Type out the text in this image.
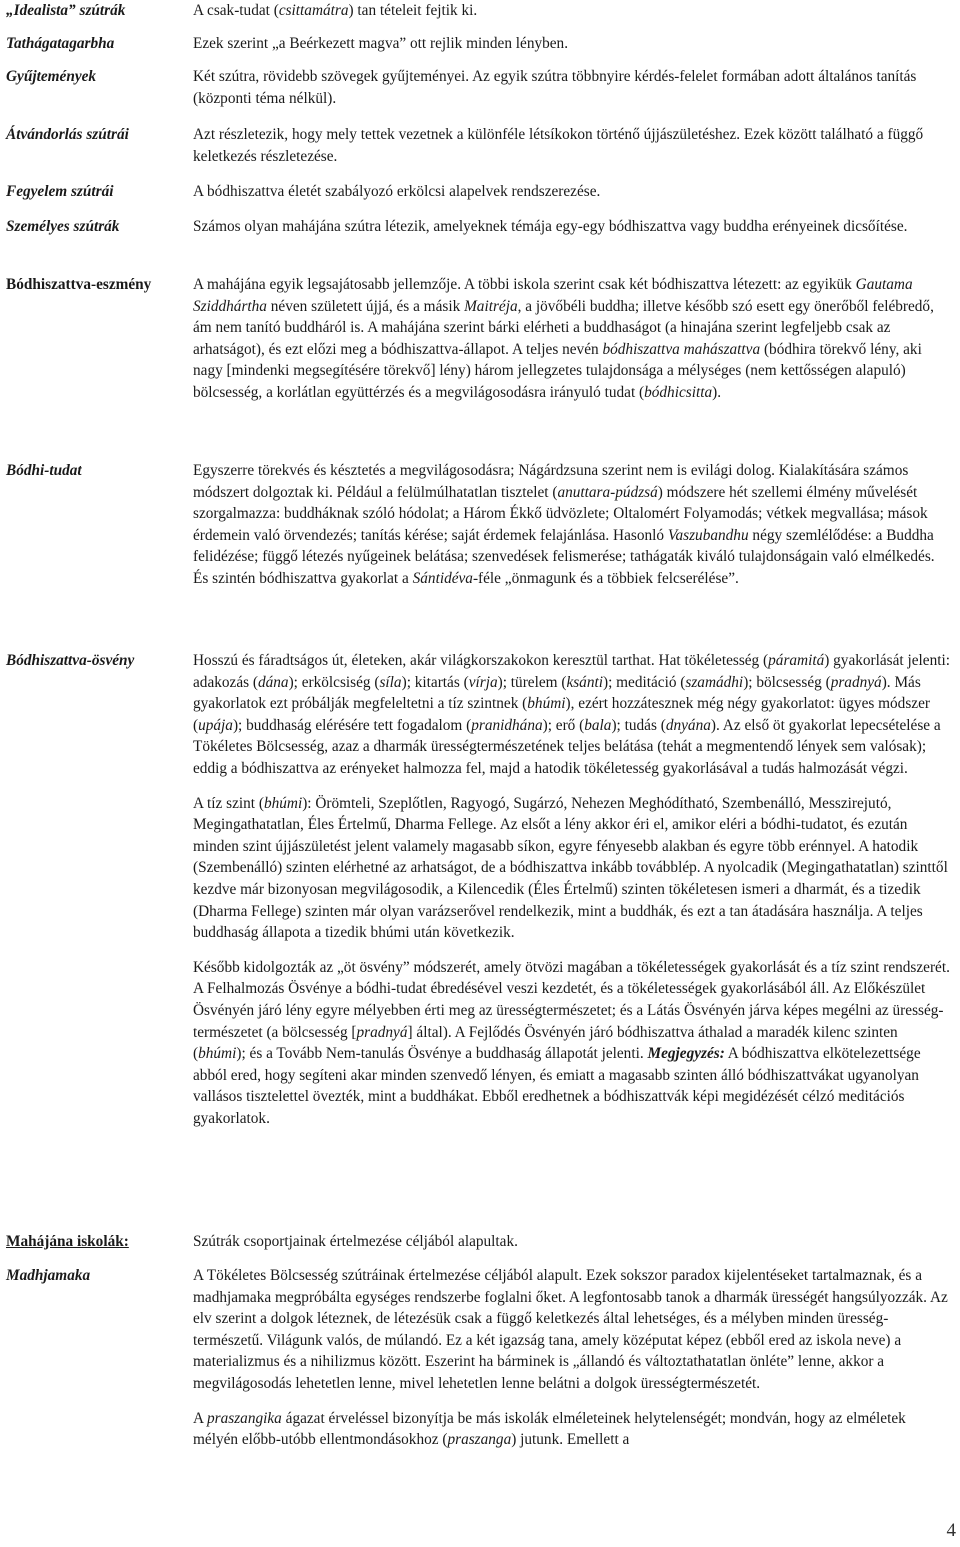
„Idealista” szútrák	A csak-tudat (csittamátra) tan tételeit fejtik ki.

Tathágatagarbha	Ezek szerint „a Beérkezett magva” ott rejlik minden lényben.

Gyűjtemények	Két szútra, rövidebb szövegek gyűjteményei. Az egyik szútra többnyire kérdés-felelet formában adott általános tanítás (központi téma nélkül).

Átvándorlás szútrái	Azt részletezik, hogy mely tettek vezetnek a különféle létsíkokon történő újjászületéshez. Ezek között található a függő keletkezés részletezése.

Fegyelem szútrái	A bódhiszattva életét szabályozó erkölcsi alapelvek rendszerezése.

Személyes szútrák	Számos olyan mahájána szútra létezik, amelyeknek témája egy-egy bódhiszattva vagy buddha erényeinek dicsőítése.

Bódhiszattva-eszmény	A mahájána egyik legsajátosabb jellemzője. A többi iskola szerint csak két bódhiszattva létezett: az egyikük Gautama Sziddhártha néven született újjá, és a másik Maitréja, a jövőbéli buddha; illetve később szó esett egy önerőből felébredő, ám nem tanító buddháról is. A mahájána szerint bárki elérheti a buddhaságot (a hinajána szerint legfeljebb csak az arhatságot), és ezt előzi meg a bódhiszattva-állapot. A teljes nevén bódhiszattva mahászattva (bódhira törekvő lény, aki nagy [mindenki megsegítésére törekvő] lény) három jellegzetes tulajdonsága a mélységes (nem kettősségen alapuló) bölcsesség, a korlátlan együttérzés és a megvilágosodásra irányuló tudat (bódhicsitta).

Bódhi-tudat	Egyszerre törekvés és késztetés a megvilágosodásra; Nágárdzsuna szerint nem is evilági dolog. Kialakítására számos módszert dolgoztak ki. Például a felülmúlhatatlan tisztelet (anuttara-púdzsá) módszere hét szellemi élmény művelését szorgalmazza: buddháknak szóló hódolat; a Három Ékkő üdvözlete; Oltalomért Folyamodás; vétkek megvallása; mások érdemein való örvendezés; tanítás kérése; saját érdemek felajánlása. Hasonló Vaszubandhu négy szemlélődése: a Buddha felidézése; függő létezés nyűgeinek belátása; szenvedések felismerése; tathágaták kiváló tulajdonságain való elmélkedés. És szintén bódhiszattva gyakorlat a Sántidéva-féle „önmagunk és a többiek felcserélése”.

Bódhiszattva-ösvény	Hosszú és fáradtságos út, életeken, akár világkorszakokon keresztül tarthat. Hat tökéletesség (páramitá) gyakorlását jelenti: adakozás (dána); erkölcsiség (síla); kitartás (vírja); türelem (ksánti); meditáció (szamádhi); bölcsesség (pradnyá). Más gyakorlatok ezt próbálják megfeleltetni a tíz szintnek (bhúmi), ezért hozzátesznek még négy gyakorlatot: ügyes módszer (upája); buddhaság elérésére tett fogadalom (pranidhána); erő (bala); tudás (dnyána). Az első öt gyakorlat lepecsételése a Tökéletes Bölcsesség, azaz a dharmák ürességtermészetének teljes belátása (tehát a megmentendő lények sem valósak); eddig a bódhiszattva az erényeket halmozza fel, majd a hatodik tökéletesség gyakorlásával a tudás halmozását végzi.

A tíz szint (bhúmi): Örömteli, Szeplőtlen, Ragyogó, Sugárzó, Nehezen Meghódítható, Szembenálló, Messzirejutó, Megingathatatlan, Éles Értelmű, Dharma Fellege. Az elsőt a lény akkor éri el, amikor eléri a bódhi-tudatot, és ezután minden szint újjászületést jelent valamely magasabb síkon, egyre fényesebb alakban és egyre több erénnyel. A hatodik (Szembenálló) szinten elérhetné az arhatságot, de a bódhiszattva inkább továbblép. A nyolcadik (Megingathatatlan) szinttől kezdve már bizonyosan megvilágosodik, a Kilencedik (Éles Értelmű) szinten tökéletesen ismeri a dharmát, és a tizedik (Dharma Fellege) szinten már olyan varázserővel rendelkezik, mint a buddhák, és ezt a tan átadására használja. A teljes buddhaság állapota a tizedik bhúmi után következik.

Később kidolgozták az „öt ösvény” módszerét, amely ötvözi magában a tökéletességek gyakorlását és a tíz szint rendszerét. A Felhalmozás Ösvénye a bódhi-tudat ébredésével veszi kezdetét, és a tökéletességek gyakorlásából áll. Az Előkészület Ösvényén járó lény egyre mélyebben érti meg az ürességtermészetet; és a Látás Ösvényén járva képes megélni az ürességtermészetet (a bölcsesség [pradnyá] által). A Fejlődés Ösvényén járó bódhiszattva áthalad a maradék kilenc szinten (bhúmi); és a Tovább Nem-tanulás Ösvénye a buddhaság állapotát jelenti. Megjegyzés: A bódhiszattva elkötelezettsége abból ered, hogy segíteni akar minden szenvedő lényen, és emiatt a magasabb szinten álló bódhiszattvákat ugyanolyan vallásos tisztelettel övezték, mint a buddhákat. Ebből eredhetnek a bódhiszattvák képi megidézését célzó meditációs gyakorlatok.

Mahájána iskolák:	Szútrák csoportjainak értelmezése céljából alapultak.

Madhjamaka	A Tökéletes Bölcsesség szútráinak értelmezése céljából alapult. Ezek sokszor paradox kijelentéseket tartalmaznak, és a madhjamaka megpróbálta egységes rendszerbe foglalni őket. A legfontosabb tanok a dharmák ürességét hangsúlyozzák. Az elv szerint a dolgok léteznek, de létezésük csak a függő keletkezés által lehetséges, és a mélyben minden ürességtermészetű. Világunk valós, de múlandó. Ez a két igazság tana, amely középutat képez (ebből ered az iskola neve) a materializmus és a nihilizmus között. Eszerint ha bárminek is „állandó és változtathatatlan önléte” lenne, akkor a megvilágosodás lehetetlen lenne, mivel lehetetlen lenne belátni a dolgok ürességtermészetét.

A praszangika ágazat érveléssel bizonyítja be más iskolák elméleteinek helytelenségét; mondván, hogy az elméletek mélyén előbb-utóbb ellentmondásokhoz (praszanga) jutunk. Emellett a

4
